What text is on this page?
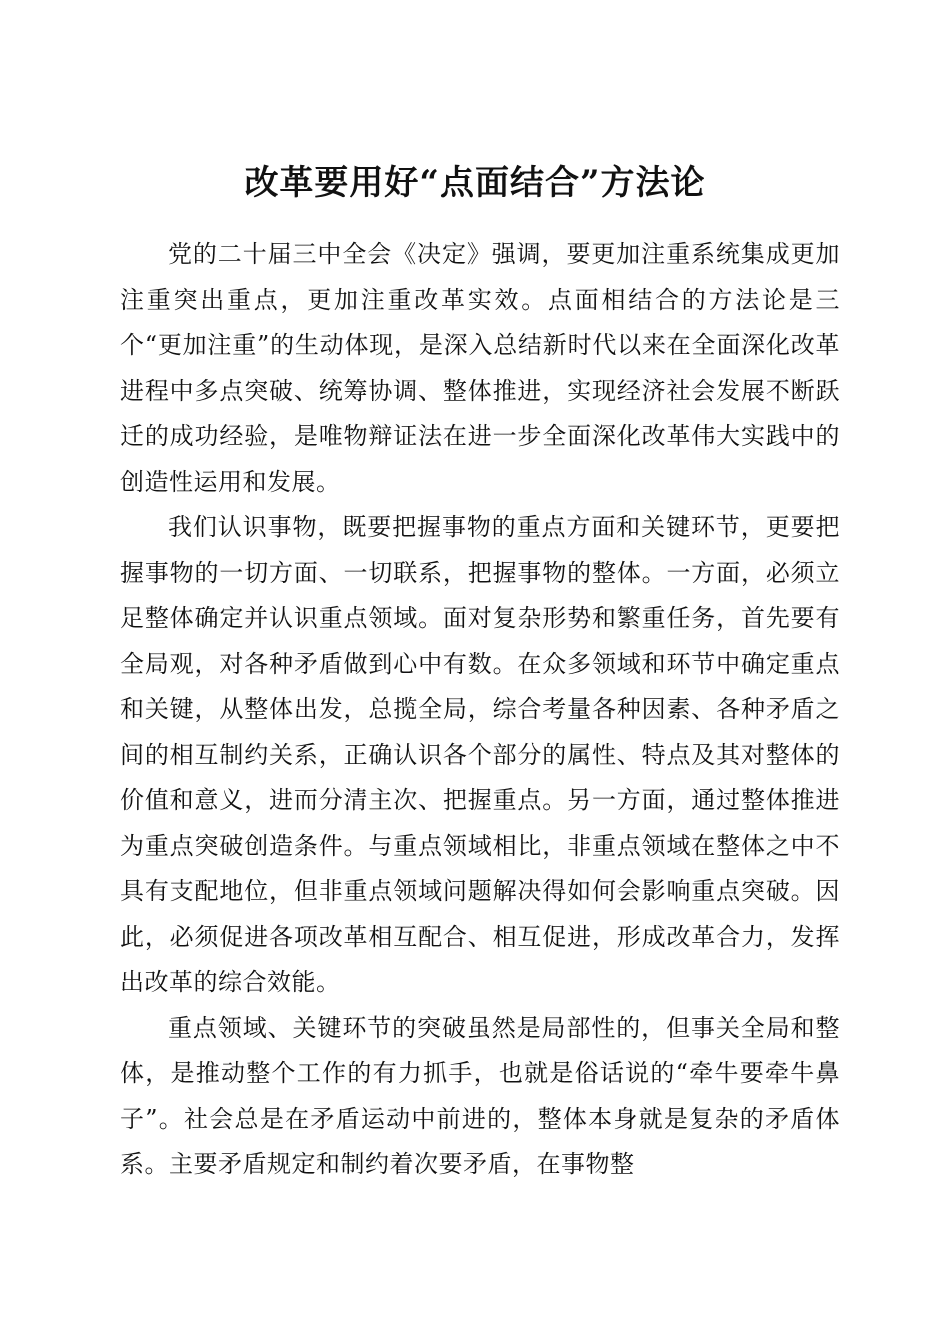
改革要用好“点面结合”方法论

党的二十届三中全会《决定》强调，要更加注重系统集成更加注重突出重点，更加注重改革实效。点面相结合的方法论是三个“更加注重”的生动体现，是深入总结新时代以来在全面深化改革进程中多点突破、统筹协调、整体推进，实现经济社会发展不断跃迁的成功经验，是唯物辩证法在进一步全面深化改革伟大实践中的创造性运用和发展。

我们认识事物，既要把握事物的重点方面和关键环节，更要把握事物的一切方面、一切联系，把握事物的整体。一方面，必须立足整体确定并认识重点领域。面对复杂形势和繁重任务，首先要有全局观，对各种矛盾做到心中有数。在众多领域和环节中确定重点和关键，从整体出发，总揽全局，综合考量各种因素、各种矛盾之间的相互制约关系，正确认识各个部分的属性、特点及其对整体的价值和意义，进而分清主次、把握重点。另一方面，通过整体推进为重点突破创造条件。与重点领域相比，非重点领域在整体之中不具有支配地位，但非重点领域问题解决得如何会影响重点突破。因此，必须促进各项改革相互配合、相互促进，形成改革合力，发挥出改革的综合效能。

重点领域、关键环节的突破虽然是局部性的，但事关全局和整体，是推动整个工作的有力抓手，也就是俗话说的“牵牛要牵牛鼻子”。社会总是在矛盾运动中前进的，整体本身就是复杂的矛盾体系。主要矛盾规定和制约着次要矛盾，在事物整
